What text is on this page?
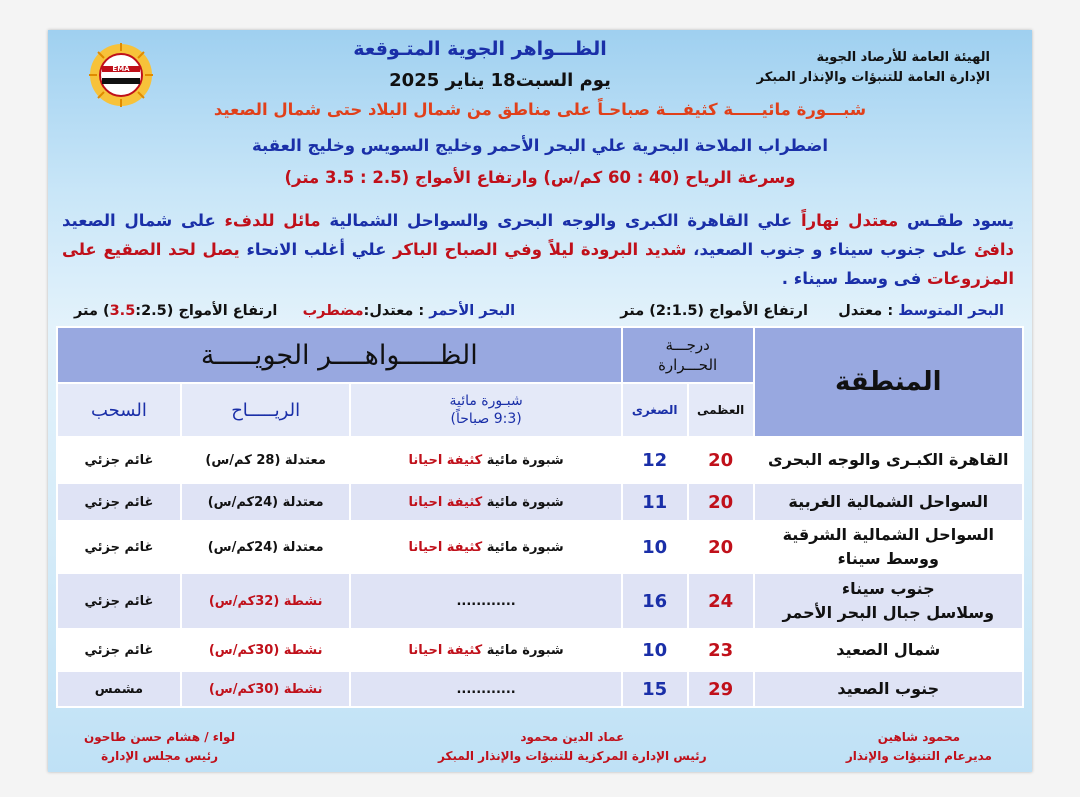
الهيئة العامة للأرصاد الجوية
الإدارة العامة للتنبؤات والإنذار المبكر
EMA
الظـــواهر الجوية المتـوقعة
يوم السبت18 يناير 2025
شبـــورة مائيـــــة كثيفـــة صباحـاً على مناطق من شمال البلاد حتى شمال الصعيد
اضطراب الملاحة البحرية علي البحر الأحمر وخليج السويس وخليج العقبة
وسرعة الرياح (40 : 60 كم/س) وارتفاع الأمواج (2.5 : 3.5 متر)
يسود طقـس معتدل نهاراً علي القاهرة الكبرى والوجه البحرى والسواحل الشمالية مائل للدفء على شمال الصعيد دافئ على جنوب سيناء و جنوب الصعيد، شديد البرودة ليلاً وفي الصباح الباكر علي أغلب الانحاء يصل لحد الصقيع على المزروعات فى وسط سيناء .
البحر المتوسط : معتدل      ارتفاع الأمواج (2:1.5) متر
البحر الأحمر : معتدل:مضطرب     ارتفاع الأمواج (3.5:2.5) متر
المنطقة	درجـــة الحـــرارة		الظـــــواهــــر الجويـــــة		
	العظمى	الصغرى	شبـورة مائية
(9:3 صباحاً)	الريـــــاح	السحب

القاهرة الكبـرى والوجه البحرى	20	12	شبورة مائية كثيفة احيانا	معتدلة (28 كم/س)	غائم جزئي

السواحل الشمالية الغربية	20	11	شبورة مائية كثيفة احيانا	معتدلة (24كم/س)	غائم جزئي

السواحل الشمالية الشرقية
ووسط سيناء	20	10	شبورة مائية كثيفة احيانا	معتدلة (24كم/س)	غائم جزئي

جنوب سيناء
وسلاسل جبال البحر الأحمر	24	16	............	نشطة (32كم/س)	غائم جزئي

شمال الصعيد	23	10	شبورة مائية كثيفة احيانا	نشطة (30كم/س)	غائم جزئي

جنوب الصعيد	29	15	............	نشطة (30كم/س)	مشمس
محمود شاهين
مديرعام التنبؤات والإنذار
عماد الدين محمود
رئيس الإدارة المركزية للتنبؤات والإنذار المبكر
لواء / هشام حسن طاحون
رئيس مجلس الإدارة
